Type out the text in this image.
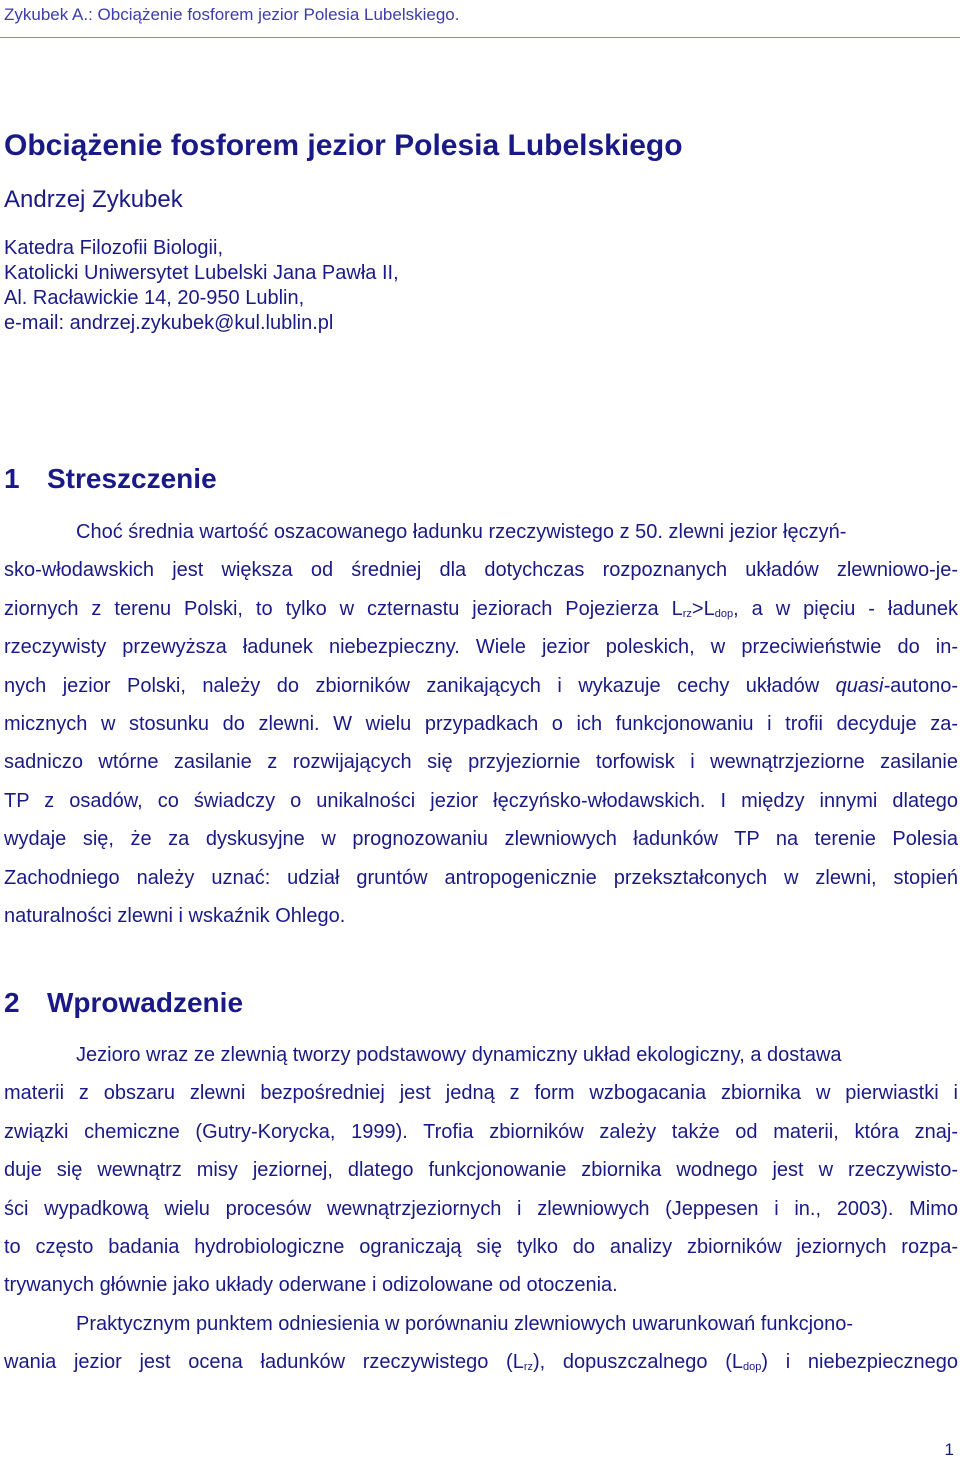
Zykubek A.: Obciążenie fosforem jezior Polesia Lubelskiego.
Obciążenie fosforem jezior Polesia Lubelskiego
Andrzej Zykubek
Katedra Filozofii Biologii,
Katolicki Uniwersytet Lubelski Jana Pawła II,
Al. Racławickie 14, 20-950 Lublin,
e-mail: andrzej.zykubek@kul.lublin.pl
1 Streszczenie
Choć średnia wartość oszacowanego ładunku rzeczywistego z 50. zlewni jezior łęczyń-
sko-włodawskich jest większa od średniej dla dotychczas rozpoznanych układów zlewniowo-je-
ziornych z terenu Polski, to tylko w czternastu jeziorach Pojezierza $L_{rz}>L_{dop}$, a w pięciu - ładunek
rzeczywisty przewyższa ładunek niebezpieczny. Wiele jezior poleskich, w przeciwieństwie do in-
nych jezior Polski, należy do zbiorników zanikających i wykazuje cechy układów quasi-autono-
micznych w stosunku do zlewni. W wielu przypadkach o ich funkcjonowaniu i trofii decyduje za-
sadniczo wtórne zasilanie z rozwijających się przyjeziornie torfowisk i wewnątrzjeziorne zasilanie
TP z osadów, co świadczy o unikalności jezior łęczyńsko-włodawskich. I między innymi dlatego
wydaje się, że za dyskusyjne w prognozowaniu zlewniowych ładunków TP na terenie Polesia
Zachodniego należy uznać: udział gruntów antropogenicznie przekształconych w zlewni, stopień
naturalności zlewni i wskaźnik Ohlego.
2 Wprowadzenie
Jezioro wraz ze zlewnią tworzy podstawowy dynamiczny układ ekologiczny, a dostawa
materii z obszaru zlewni bezpośredniej jest jedną z form wzbogacania zbiornika w pierwiastki i
związki chemiczne (Gutry-Korycka, 1999). Trofia zbiorników zależy także od materii, która znaj-
duje się wewnątrz misy jeziornej, dlatego funkcjonowanie zbiornika wodnego jest w rzeczywisto-
ści wypadkową wielu procesów wewnątrzjeziornych i zlewniowych (Jeppesen i in., 2003). Mimo
to często badania hydrobiologiczne ograniczają się tylko do analizy zbiorników jeziornych rozpa-
trywanych głównie jako układy oderwane i odizolowane od otoczenia.
Praktycznym punktem odniesienia w porównaniu zlewniowych uwarunkowań funkcjono-
wania jezior jest ocena ładunków rzeczywistego $(L_{rz})$, dopuszczalnego $(L_{dop})$ i niebezpiecznego
1
